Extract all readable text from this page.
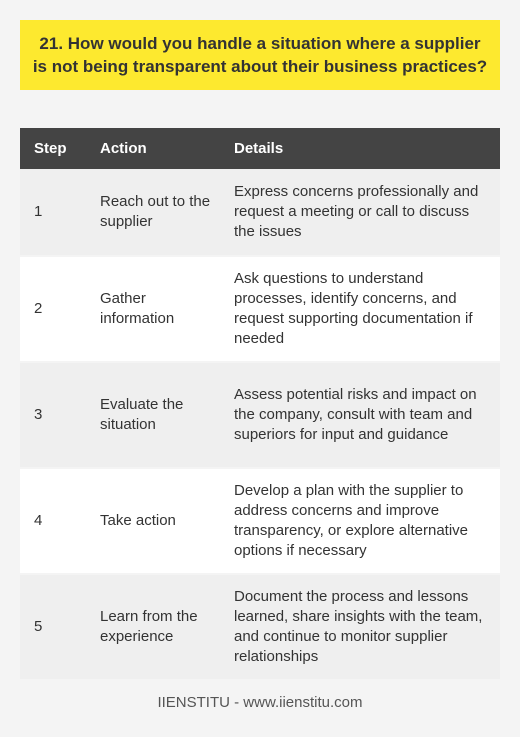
21. How would you handle a situation where a supplier is not being transparent about their business practices?
Step	Action	Details
1	Reach out to the supplier	Express concerns professionally and request a meeting or call to discuss the issues
2	Gather information	Ask questions to understand processes, identify concerns, and request supporting documentation if needed
3	Evaluate the situation	Assess potential risks and impact on the company, consult with team and superiors for input and guidance
4	Take action	Develop a plan with the supplier to address concerns and improve transparency, or explore alternative options if necessary
5	Learn from the experience	Document the process and lessons learned, share insights with the team, and continue to monitor supplier relationships
IIENSTITU - www.iienstitu.com
